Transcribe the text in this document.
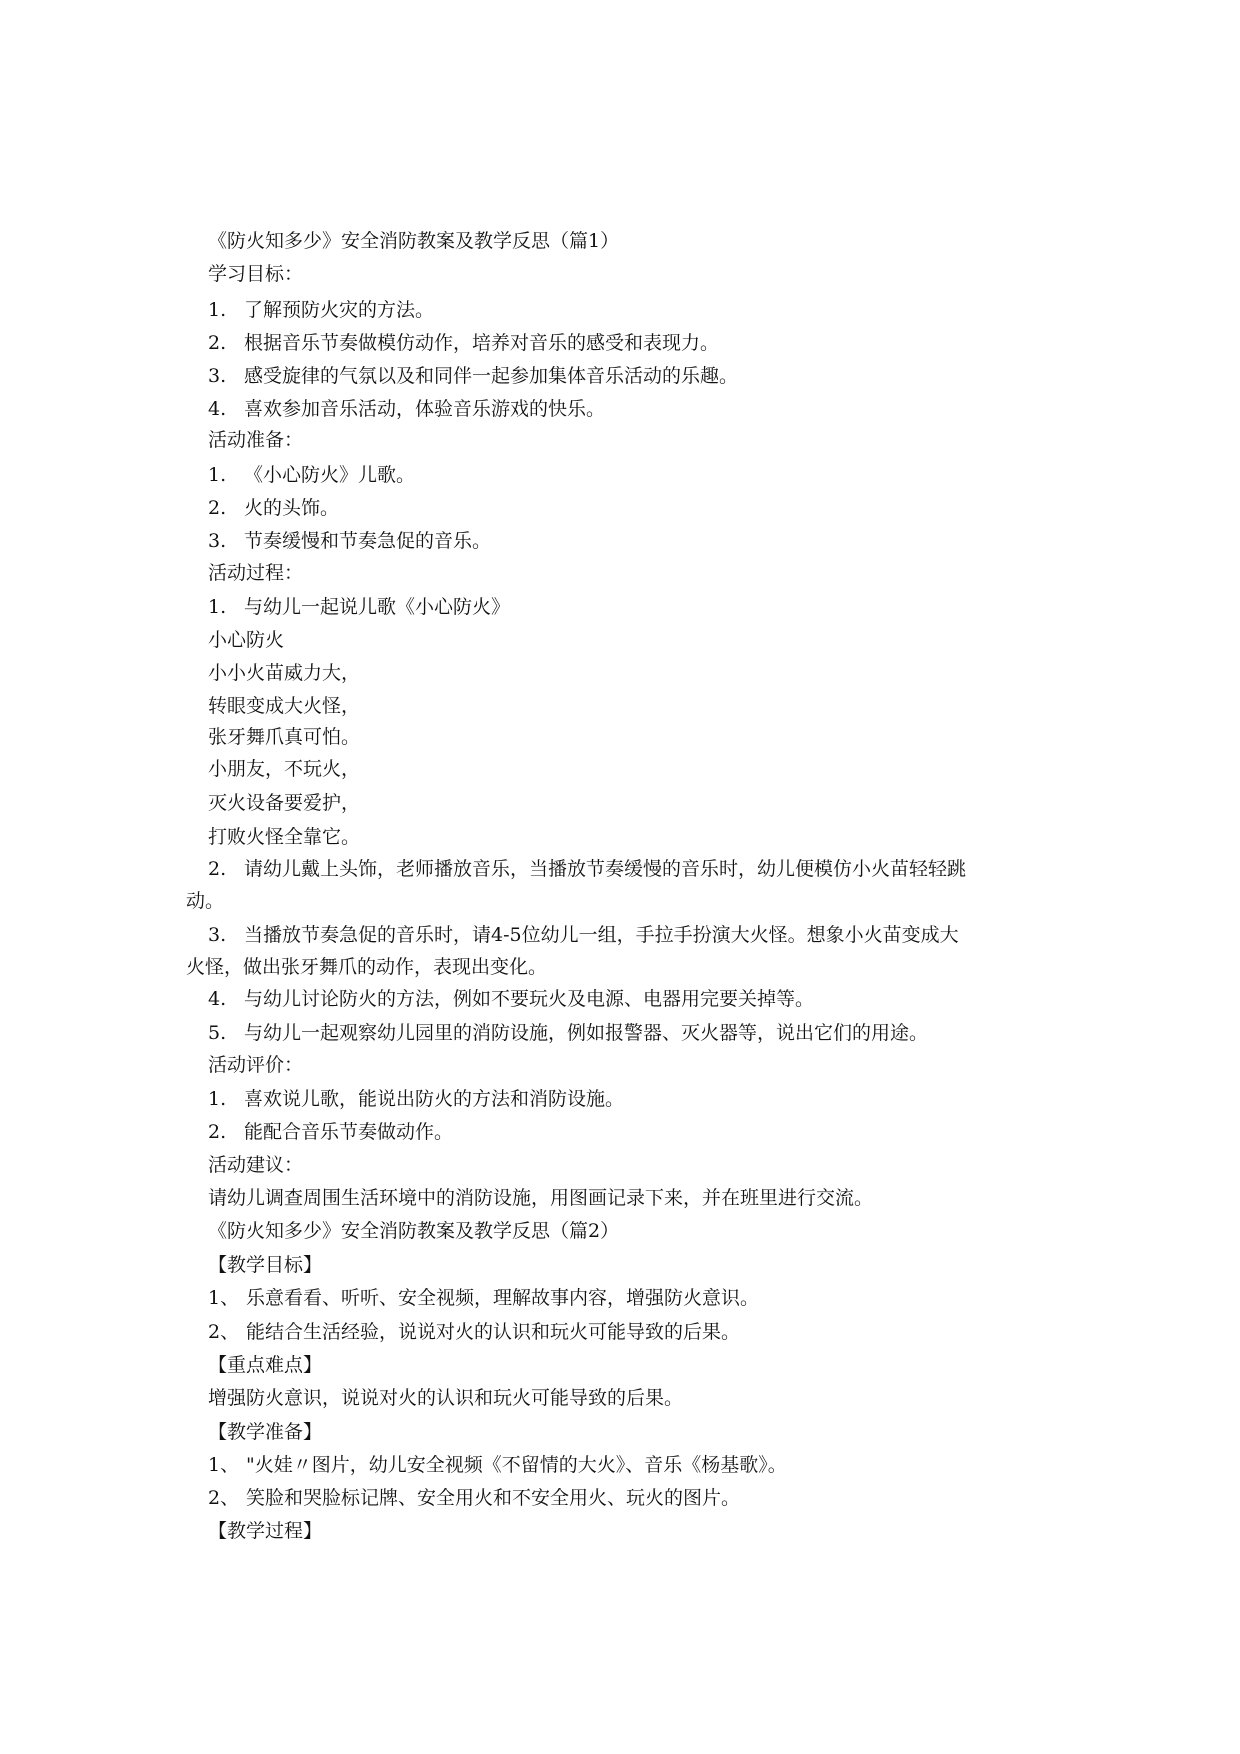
《防火知多少》安全消防教案及教学反思（篇1）
学习目标：
1. 了解预防火灾的方法。
2. 根据音乐节奏做模仿动作，培养对音乐的感受和表现力。
3. 感受旋律的气氛以及和同伴一起参加集体音乐活动的乐趣。
4. 喜欢参加音乐活动，体验音乐游戏的快乐。
活动准备：
1. 《小心防火》儿歌。
2. 火的头饰。
3. 节奏缓慢和节奏急促的音乐。
活动过程：
1. 与幼儿一起说儿歌《小心防火》
小心防火
小小火苗威力大，
转眼变成大火怪，
张牙舞爪真可怕。
小朋友，不玩火，
灭火设备要爱护，
打败火怪全靠它。
2. 请幼儿戴上头饰，老师播放音乐，当播放节奏缓慢的音乐时，幼儿便模仿小火苗轻轻跳
动。
3. 当播放节奏急促的音乐时，请4-5位幼儿一组，手拉手扮演大火怪。想象小火苗变成大
火怪，做出张牙舞爪的动作，表现出变化。
4. 与幼儿讨论防火的方法，例如不要玩火及电源、电器用完要关掉等。
5. 与幼儿一起观察幼儿园里的消防设施，例如报警器、灭火器等，说出它们的用途。
活动评价：
1. 喜欢说儿歌，能说出防火的方法和消防设施。
2. 能配合音乐节奏做动作。
活动建议：
请幼儿调查周围生活环境中的消防设施，用图画记录下来，并在班里进行交流。
《防火知多少》安全消防教案及教学反思（篇2）
【教学目标】
1、 乐意看看、听听、安全视频，理解故事内容，增强防火意识。
2、 能结合生活经验，说说对火的认识和玩火可能导致的后果。
【重点难点】
增强防火意识，说说对火的认识和玩火可能导致的后果。
【教学准备】
1、 "火娃〃图片，幼儿安全视频《不留情的大火》、音乐《杨基歌》。
2、 笑脸和哭脸标记牌、安全用火和不安全用火、玩火的图片。
【教学过程】
